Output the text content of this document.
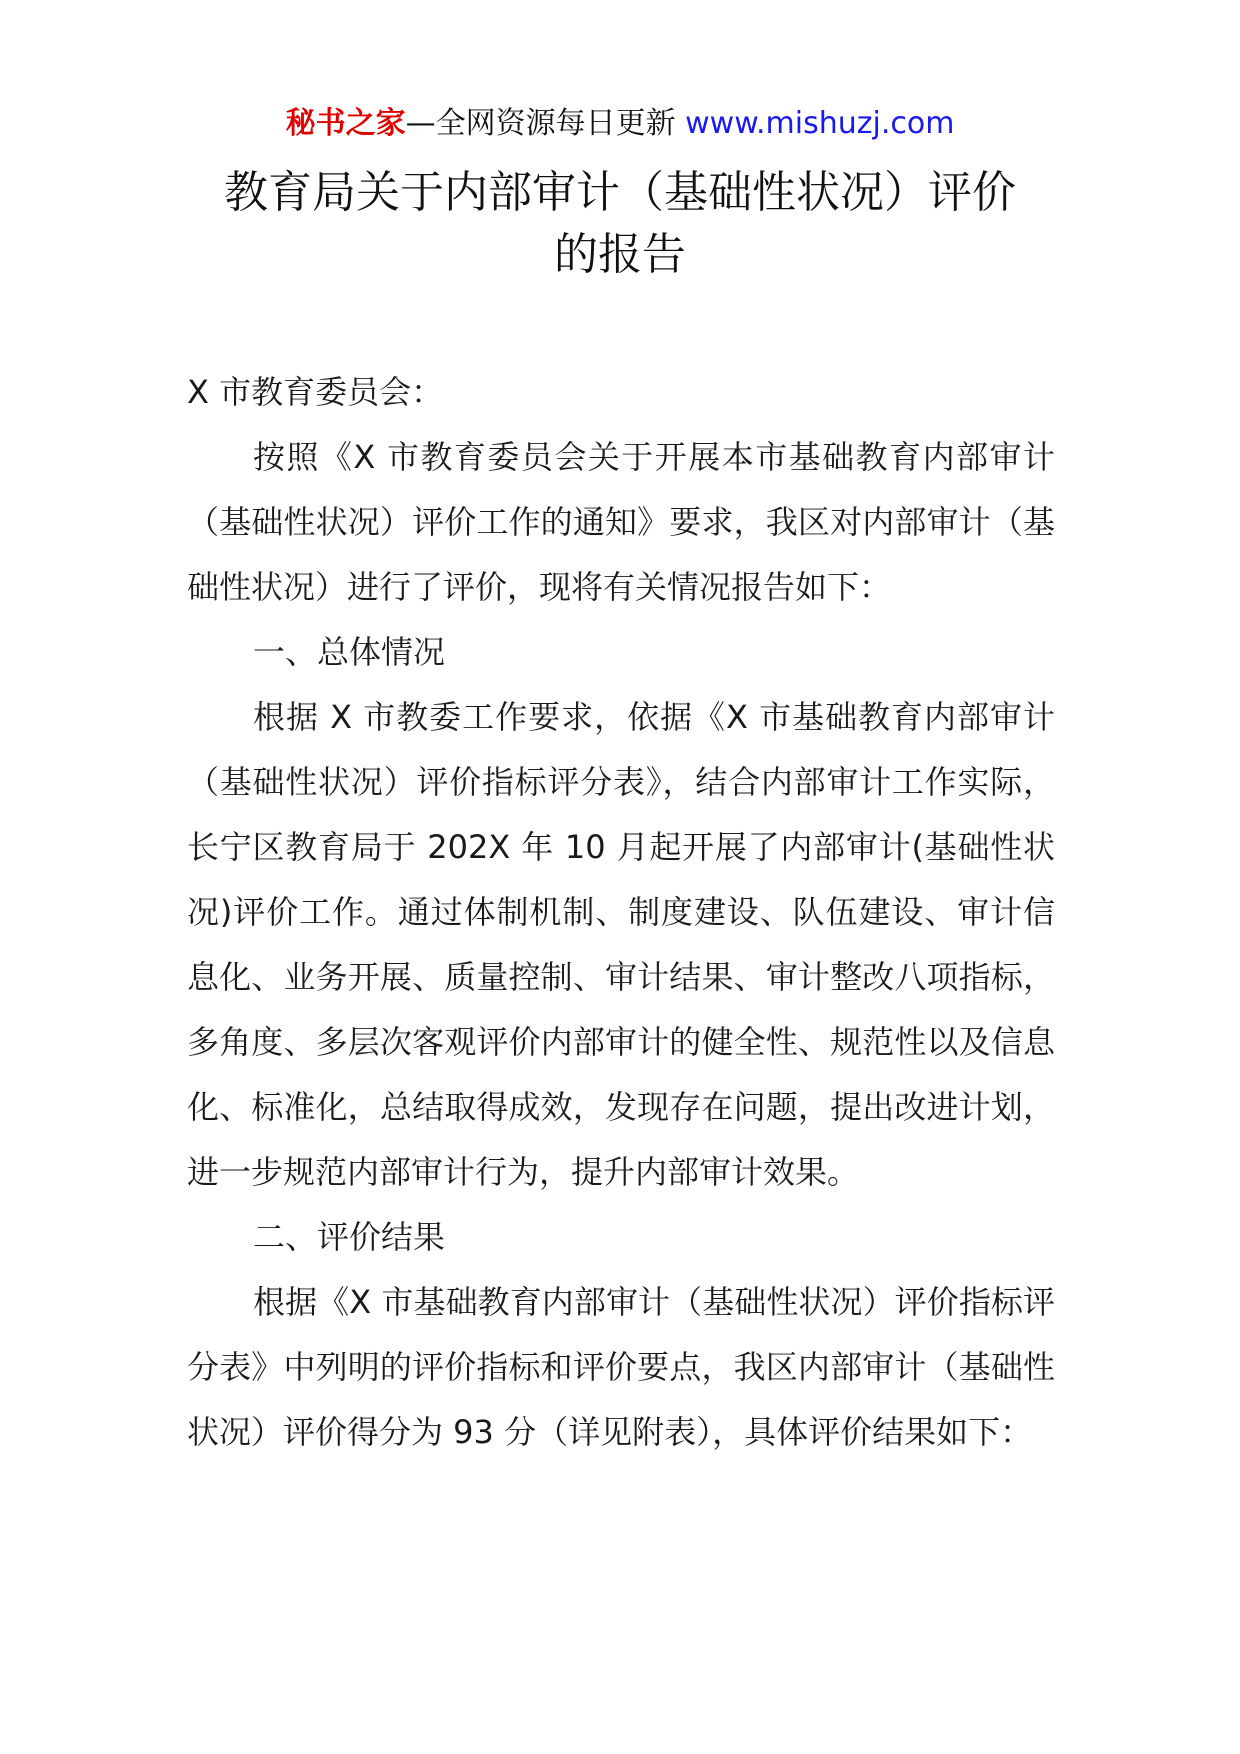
秘书之家—全网资源每日更新 www.mishuzj.com
教育局关于内部审计（基础性状况）评价
的报告

X 市教育委员会：

按照《X 市教育委员会关于开展本市基础教育内部审计（基础性状况）评价工作的通知》要求，我区对内部审计（基础性状况）进行了评价，现将有关情况报告如下：

一、总体情况

根据 X 市教委工作要求，依据《X 市基础教育内部审计（基础性状况）评价指标评分表》，结合内部审计工作实际，长宁区教育局于 202X 年 10 月起开展了内部审计(基础性状况)评价工作。通过体制机制、制度建设、队伍建设、审计信息化、业务开展、质量控制、审计结果、审计整改八项指标，多角度、多层次客观评价内部审计的健全性、规范性以及信息化、标准化，总结取得成效，发现存在问题，提出改进计划，进一步规范内部审计行为，提升内部审计效果。

二、评价结果

根据《X 市基础教育内部审计（基础性状况）评价指标评分表》中列明的评价指标和评价要点，我区内部审计（基础性状况）评价得分为 93 分（详见附表），具体评价结果如下：
